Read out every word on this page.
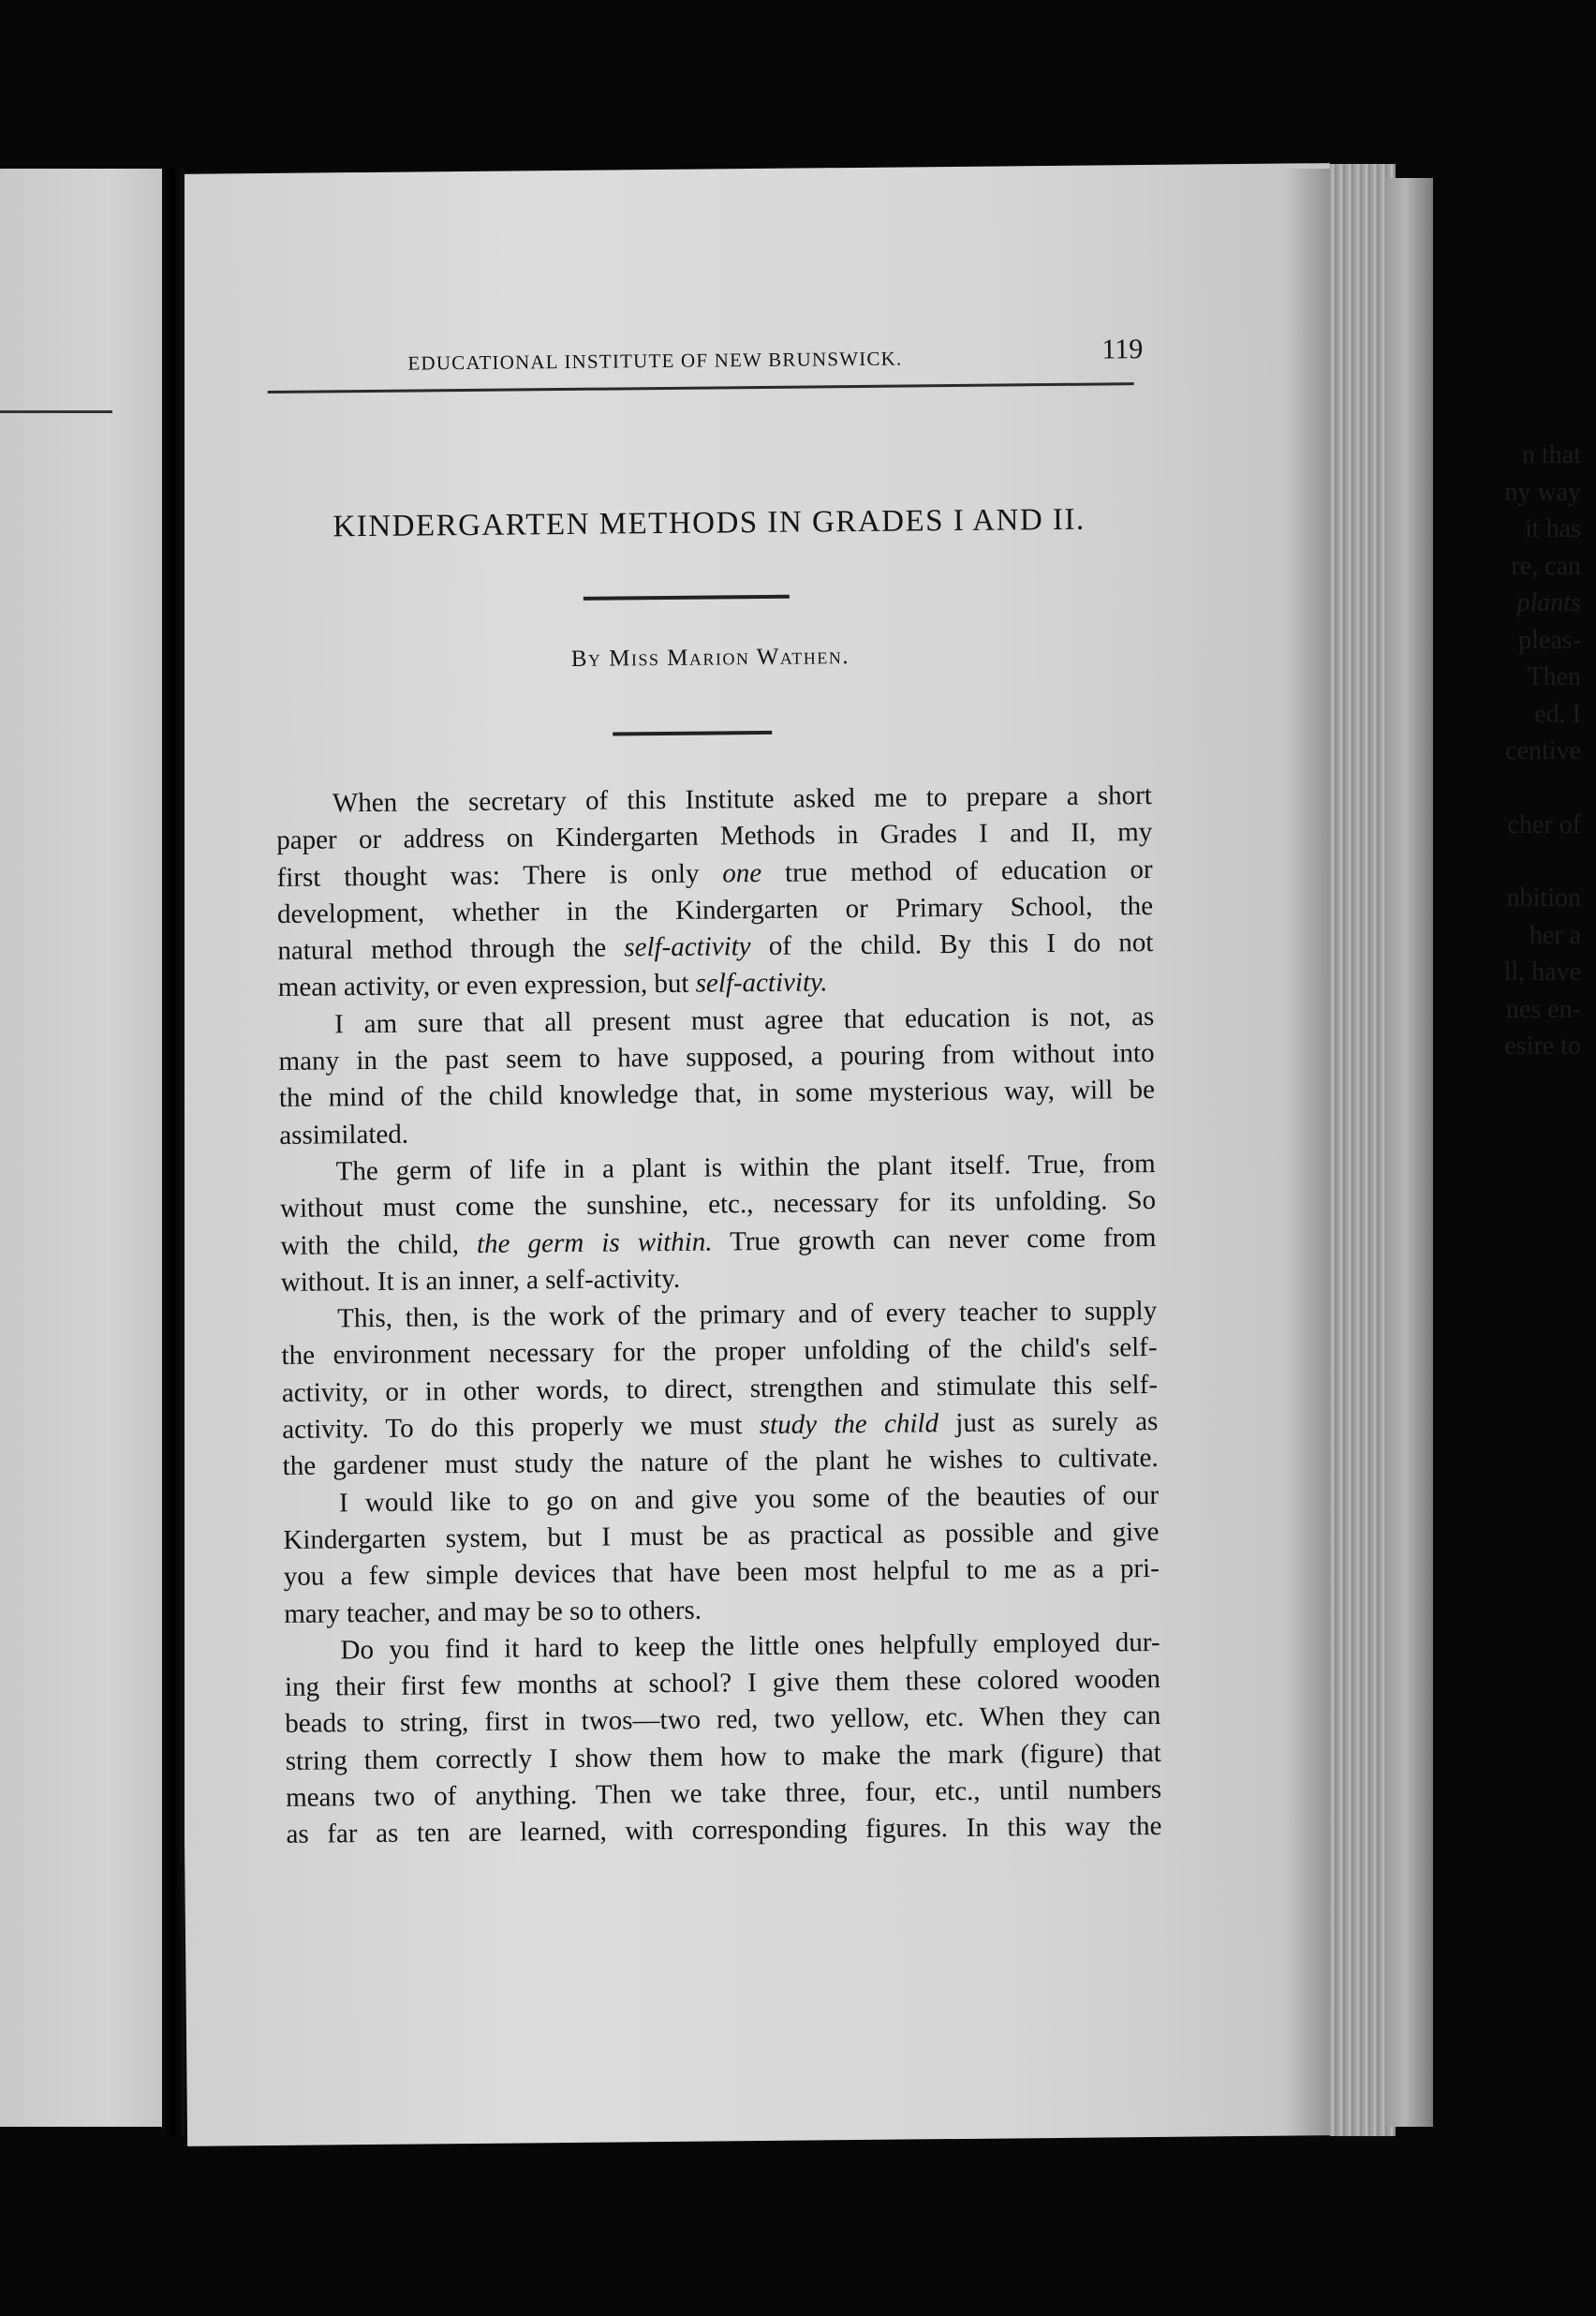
n that
ny way
it has
re, can
plants
pleas-
Then
ed. I
centive
cher of
nbition
her a
ll, have
nes en-
esire to
EDUCATIONAL INSTITUTE OF NEW BRUNSWICK.	119
KINDERGARTEN METHODS IN GRADES I AND II.
By Miss Marion Wathen.
When the secretary of this Institute asked me to prepare a short
paper or address on Kindergarten Methods in Grades I and II, my
first thought was: There is only one true method of education or
development, whether in the Kindergarten or Primary School, the
natural method through the self-activity of the child. By this I do not
mean activity, or even expression, but self-activity.
I am sure that all present must agree that education is not, as
many in the past seem to have supposed, a pouring from without into
the mind of the child knowledge that, in some mysterious way, will be
assimilated.
The germ of life in a plant is within the plant itself. True, from
without must come the sunshine, etc., necessary for its unfolding. So
with the child, the germ is within. True growth can never come from
without. It is an inner, a self-activity.
This, then, is the work of the primary and of every teacher to supply
the environment necessary for the proper unfolding of the child's self-
activity, or in other words, to direct, strengthen and stimulate this self-
activity. To do this properly we must study the child just as surely as
the gardener must study the nature of the plant he wishes to cultivate.
I would like to go on and give you some of the beauties of our
Kindergarten system, but I must be as practical as possible and give
you a few simple devices that have been most helpful to me as a pri-
mary teacher, and may be so to others.
Do you find it hard to keep the little ones helpfully employed dur-
ing their first few months at school? I give them these colored wooden
beads to string, first in twos—two red, two yellow, etc. When they can
string them correctly I show them how to make the mark (figure) that
means two of anything. Then we take three, four, etc., until numbers
as far as ten are learned, with corresponding figures. In this way the
